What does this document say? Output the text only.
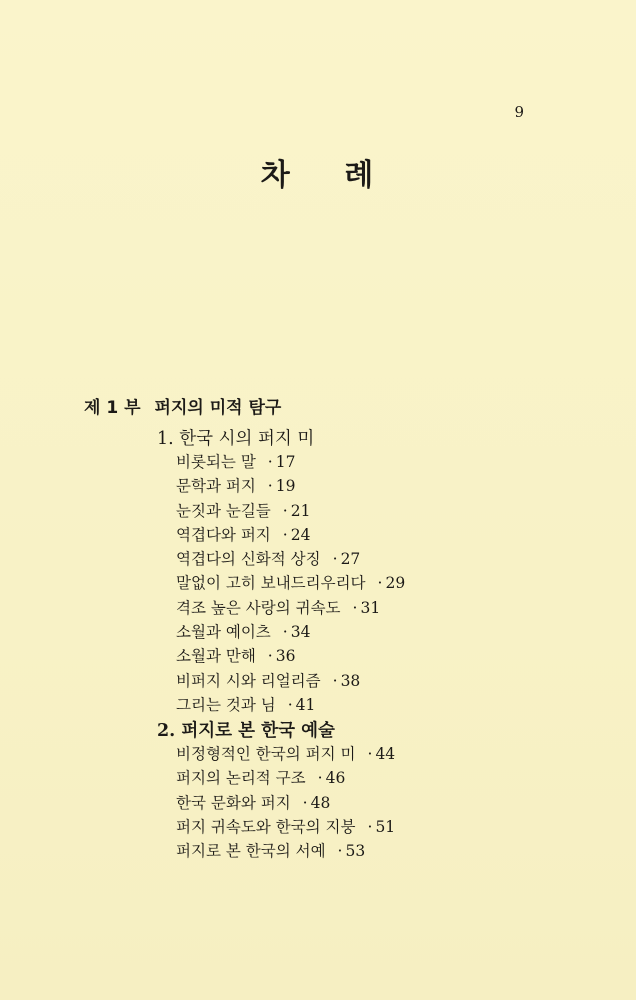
9
차 례
제 1 부 퍼지의 미적 탐구
1. 한국 시의 퍼지 미
비롯되는 말 · 17
문학과 퍼지 · 19
눈짓과 눈길들 · 21
역겹다와 퍼지 · 24
역겹다의 신화적 상징 · 27
말없이 고히 보내드리우리다 · 29
격조 높은 사랑의 귀속도 · 31
소월과 예이츠 · 34
소월과 만해 · 36
비퍼지 시와 리얼리즘 · 38
그리는 것과 님 · 41
2. 퍼지로 본 한국 예술
비정형적인 한국의 퍼지 미 · 44
퍼지의 논리적 구조 · 46
한국 문화와 퍼지 · 48
퍼지 귀속도와 한국의 지붕 · 51
퍼지로 본 한국의 서예 · 53
